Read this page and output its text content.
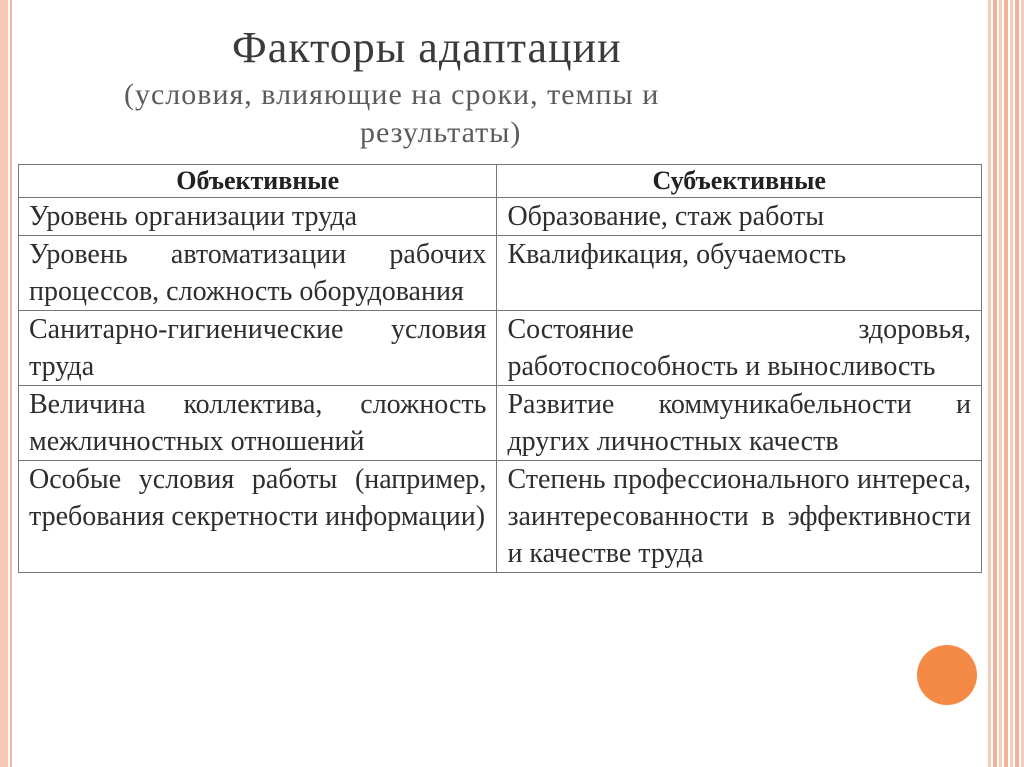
Факторы адаптации
(условия, влияющие на сроки, темпы и
результаты)
Объективные	Субъективные
Уровень организации труда	Образование, стаж работы
Уровень автоматизации рабочих процессов, сложность оборудования	Квалификация, обучаемость
Санитарно-гигиенические условия труда	Состояние здоровья, работоспособность и выносливость
Величина коллектива, сложность межличностных отношений	Развитие коммуникабельности и других личностных качеств
Особые условия работы (например, требования секретности информации)	Степень профессионального интереса, заинтересованности в эффективности и качестве труда
